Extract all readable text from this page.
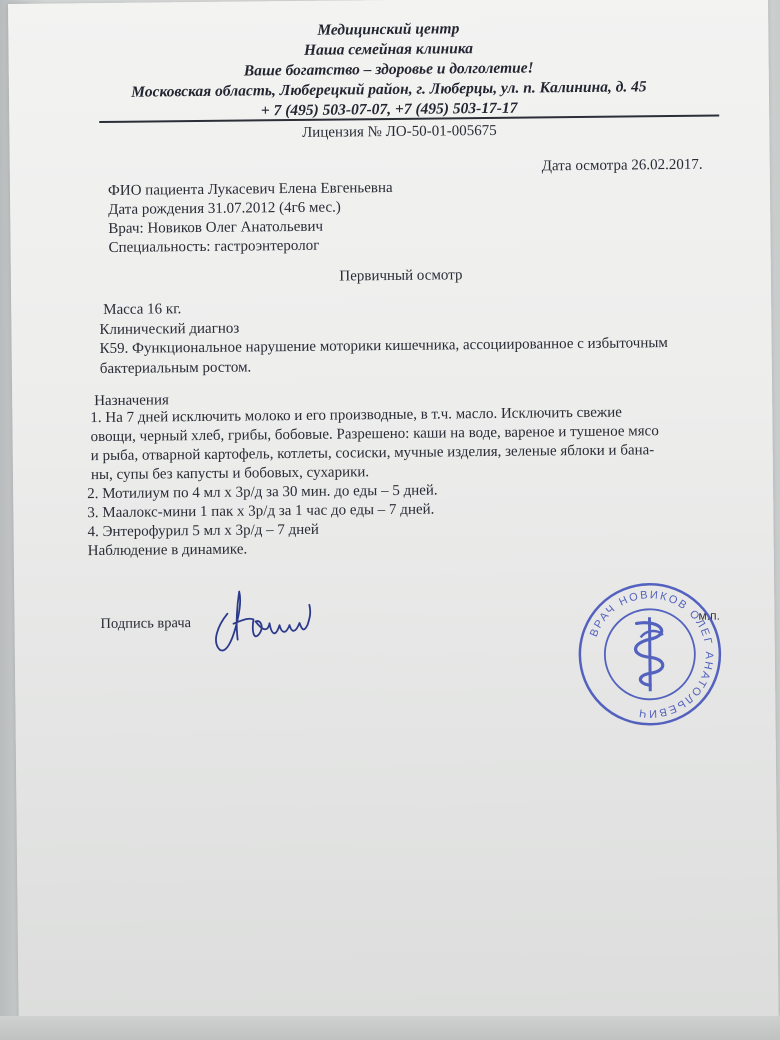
Медицинский центр
Наша семейная клиника
Ваше богатство – здоровье и долголетие!
Московская область, Люберецкий район, г. Люберцы, ул. п. Калинина, д. 45
+ 7 (495) 503-07-07, +7 (495) 503-17-17
Лицензия № ЛО-50-01-005675
Дата осмотра 26.02.2017.
ФИО пациента Лукасевич Елена Евгеньевна
Дата рождения 31.07.2012 (4г6 мес.)
Врач: Новиков Олег Анатольевич
Специальность: гастроэнтеролог
Первичный осмотр
Масса 16 кг.
Клинический диагноз
К59. Функциональное нарушение моторики кишечника, ассоциированное с избыточным
бактериальным ростом.
Назначения
1. На 7 дней исключить молоко и его производные, в т.ч. масло. Исключить свежие
овощи, черный хлеб, грибы, бобовые. Разрешено: каши на воде, вареное и тушеное мясо
и рыба, отварной картофель, котлеты, сосиски, мучные изделия, зеленые яблоки и бана-
ны, супы без капусты и бобовых, сухарики.
2. Мотилиум по 4 мл х 3р/д за 30 мин. до еды – 5 дней.
3. Маалокс-мини 1 пак х 3р/д за 1 час до еды – 7 дней.
4. Энтерофурил 5 мл х 3р/д – 7 дней
Наблюдение в динамике.
Подпись врача	м.п.
ВРАЧ НОВИКОВ ОЛЕГ АНАТОЛЬЕВИЧ
